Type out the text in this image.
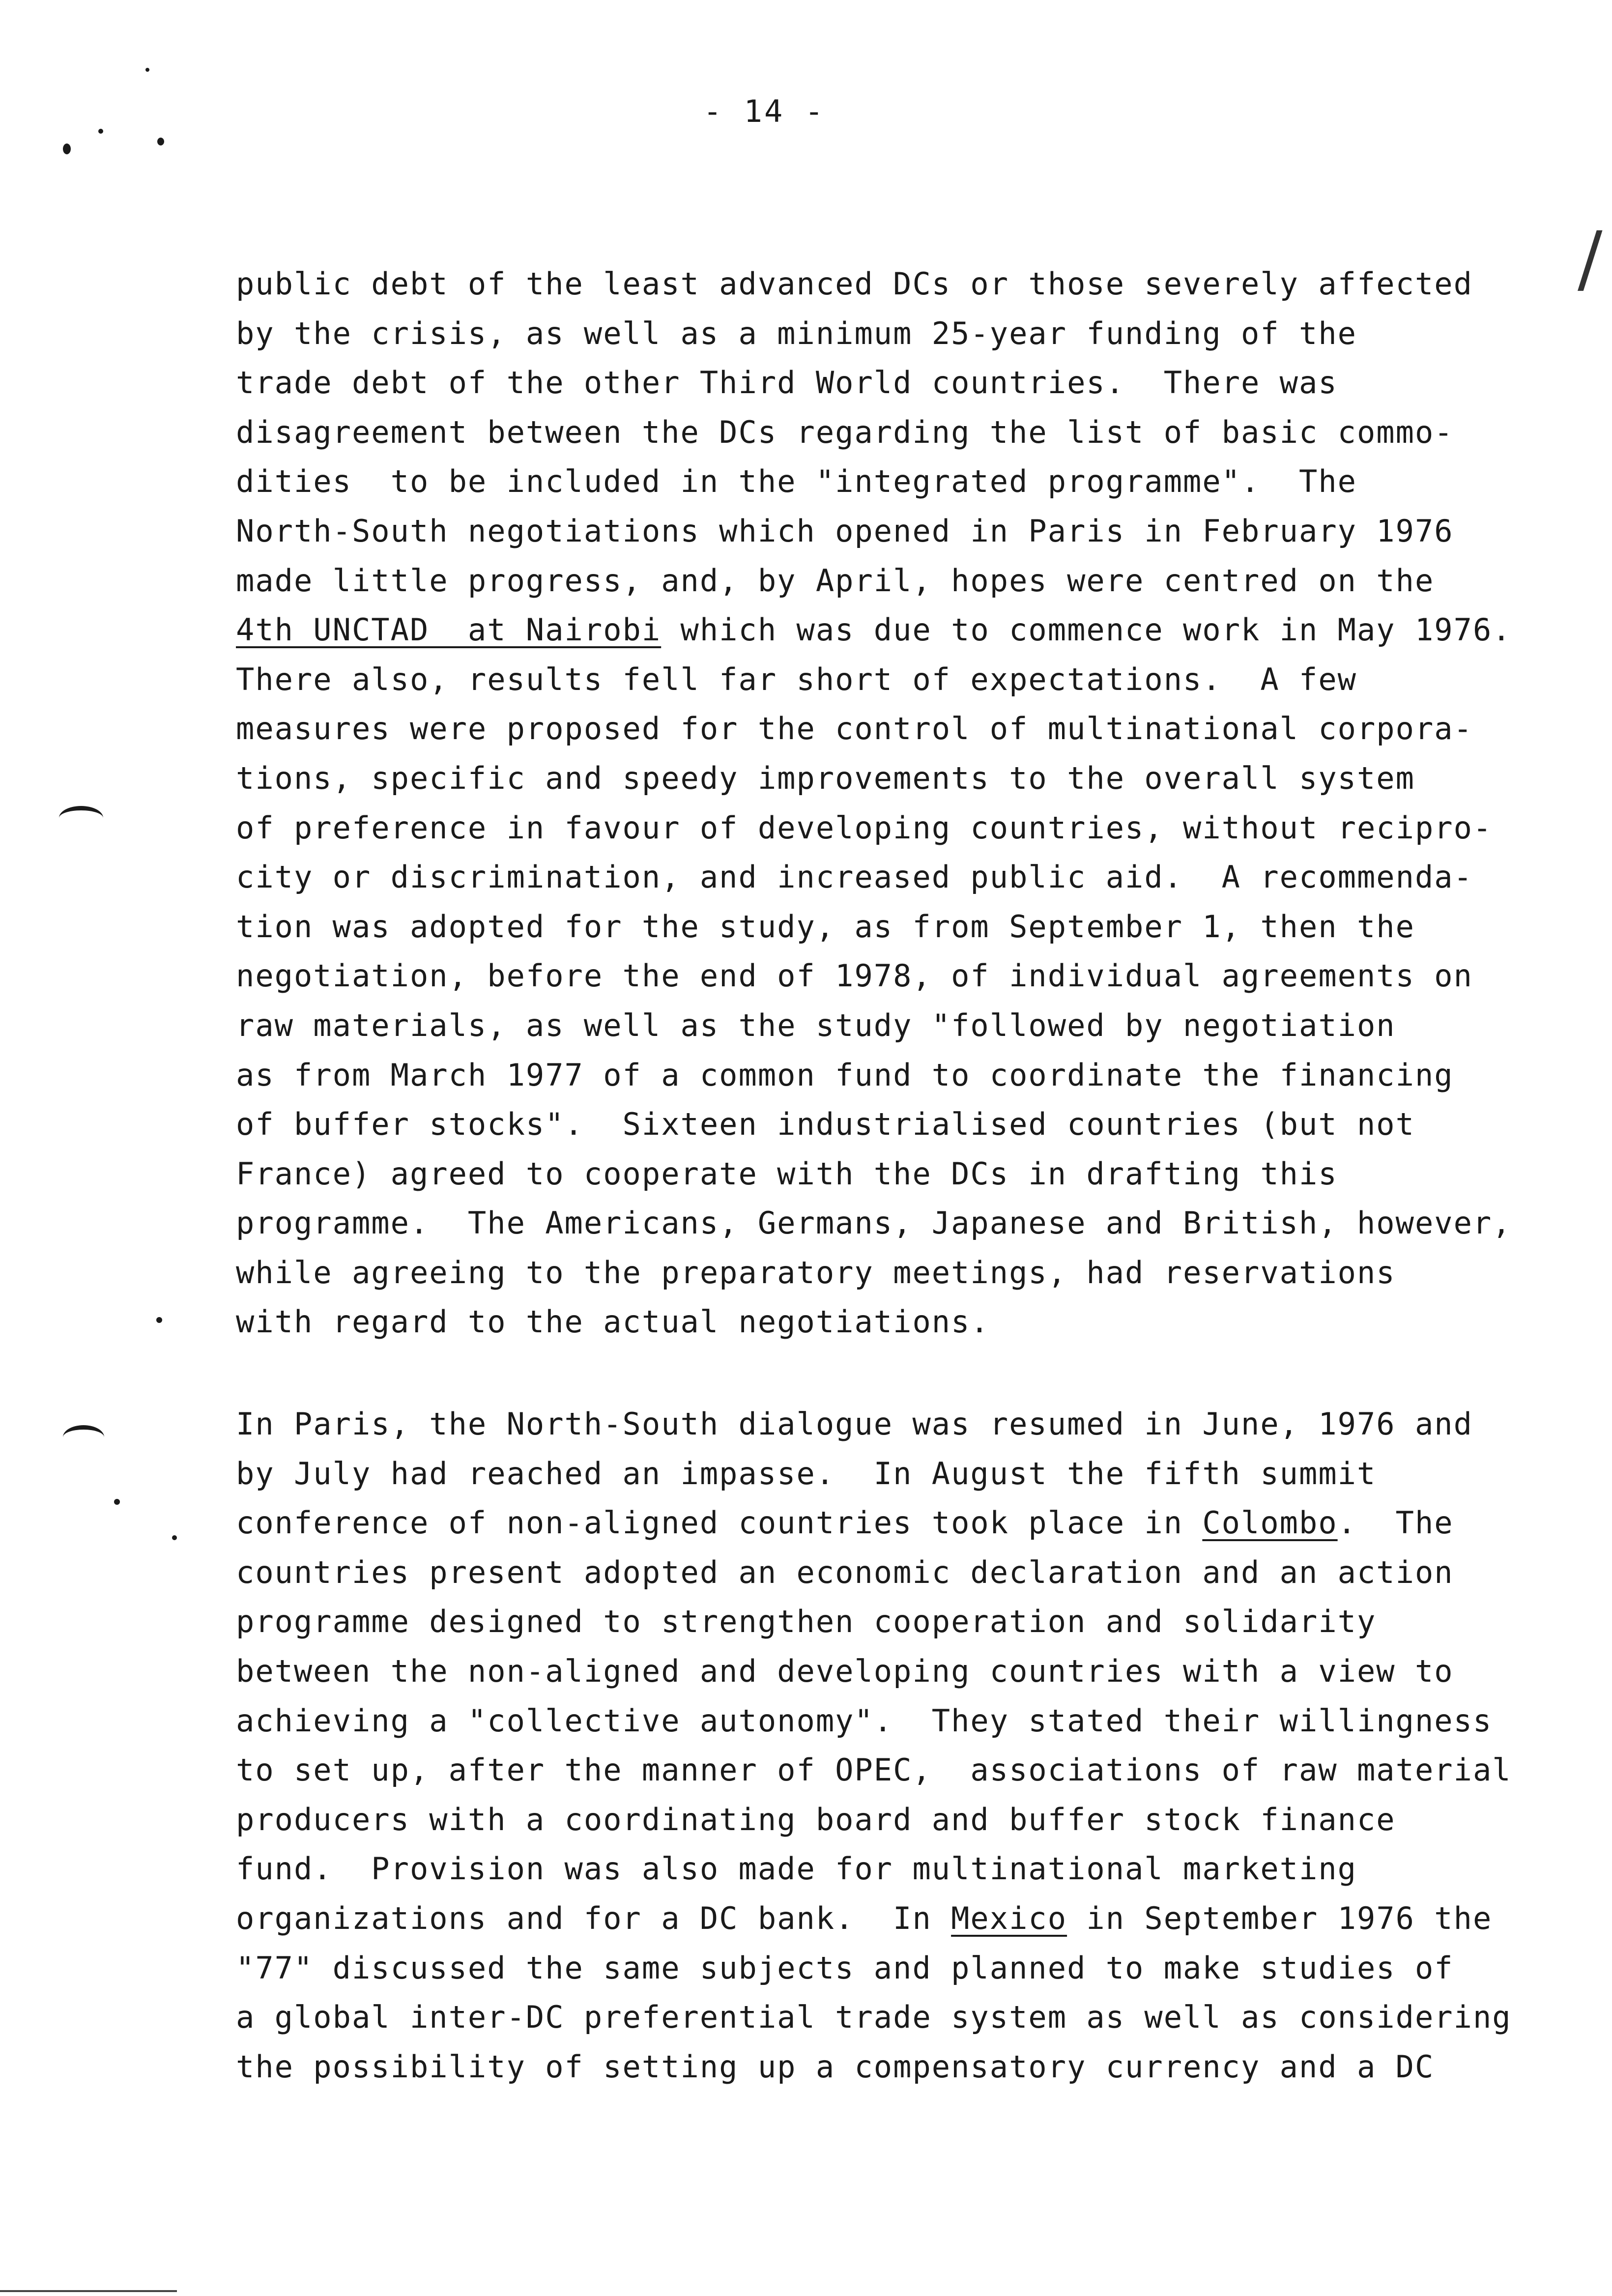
- 14 -
/
public debt of the least advanced DCs or those severely affected
by the crisis, as well as a minimum 25-year funding of the
trade debt of the other Third World countries.  There was
disagreement between the DCs regarding the list of basic commo-
dities  to be included in the "integrated programme".  The
North-South negotiations which opened in Paris in February 1976
made little progress, and, by April, hopes were centred on the
4th UNCTAD  at Nairobi which was due to commence work in May 1976.
There also, results fell far short of expectations.  A few
measures were proposed for the control of multinational corpora-
tions, specific and speedy improvements to the overall system
of preference in favour of developing countries, without recipro-
city or discrimination, and increased public aid.  A recommenda-
tion was adopted for the study, as from September 1, then the
negotiation, before the end of 1978, of individual agreements on
raw materials, as well as the study "followed by negotiation
as from March 1977 of a common fund to coordinate the financing
of buffer stocks".  Sixteen industrialised countries (but not
France) agreed to cooperate with the DCs in drafting this
programme.  The Americans, Germans, Japanese and British, however,
while agreeing to the preparatory meetings, had reservations
with regard to the actual negotiations.
In Paris, the North-South dialogue was resumed in June, 1976 and
by July had reached an impasse.  In August the fifth summit
conference of non-aligned countries took place in Colombo.  The
countries present adopted an economic declaration and an action
programme designed to strengthen cooperation and solidarity
between the non-aligned and developing countries with a view to
achieving a "collective autonomy".  They stated their willingness
to set up, after the manner of OPEC,  associations of raw material
producers with a coordinating board and buffer stock finance
fund.  Provision was also made for multinational marketing
organizations and for a DC bank.  In Mexico in September 1976 the
"77" discussed the same subjects and planned to make studies of
a global inter-DC preferential trade system as well as considering
the possibility of setting up a compensatory currency and a DC
